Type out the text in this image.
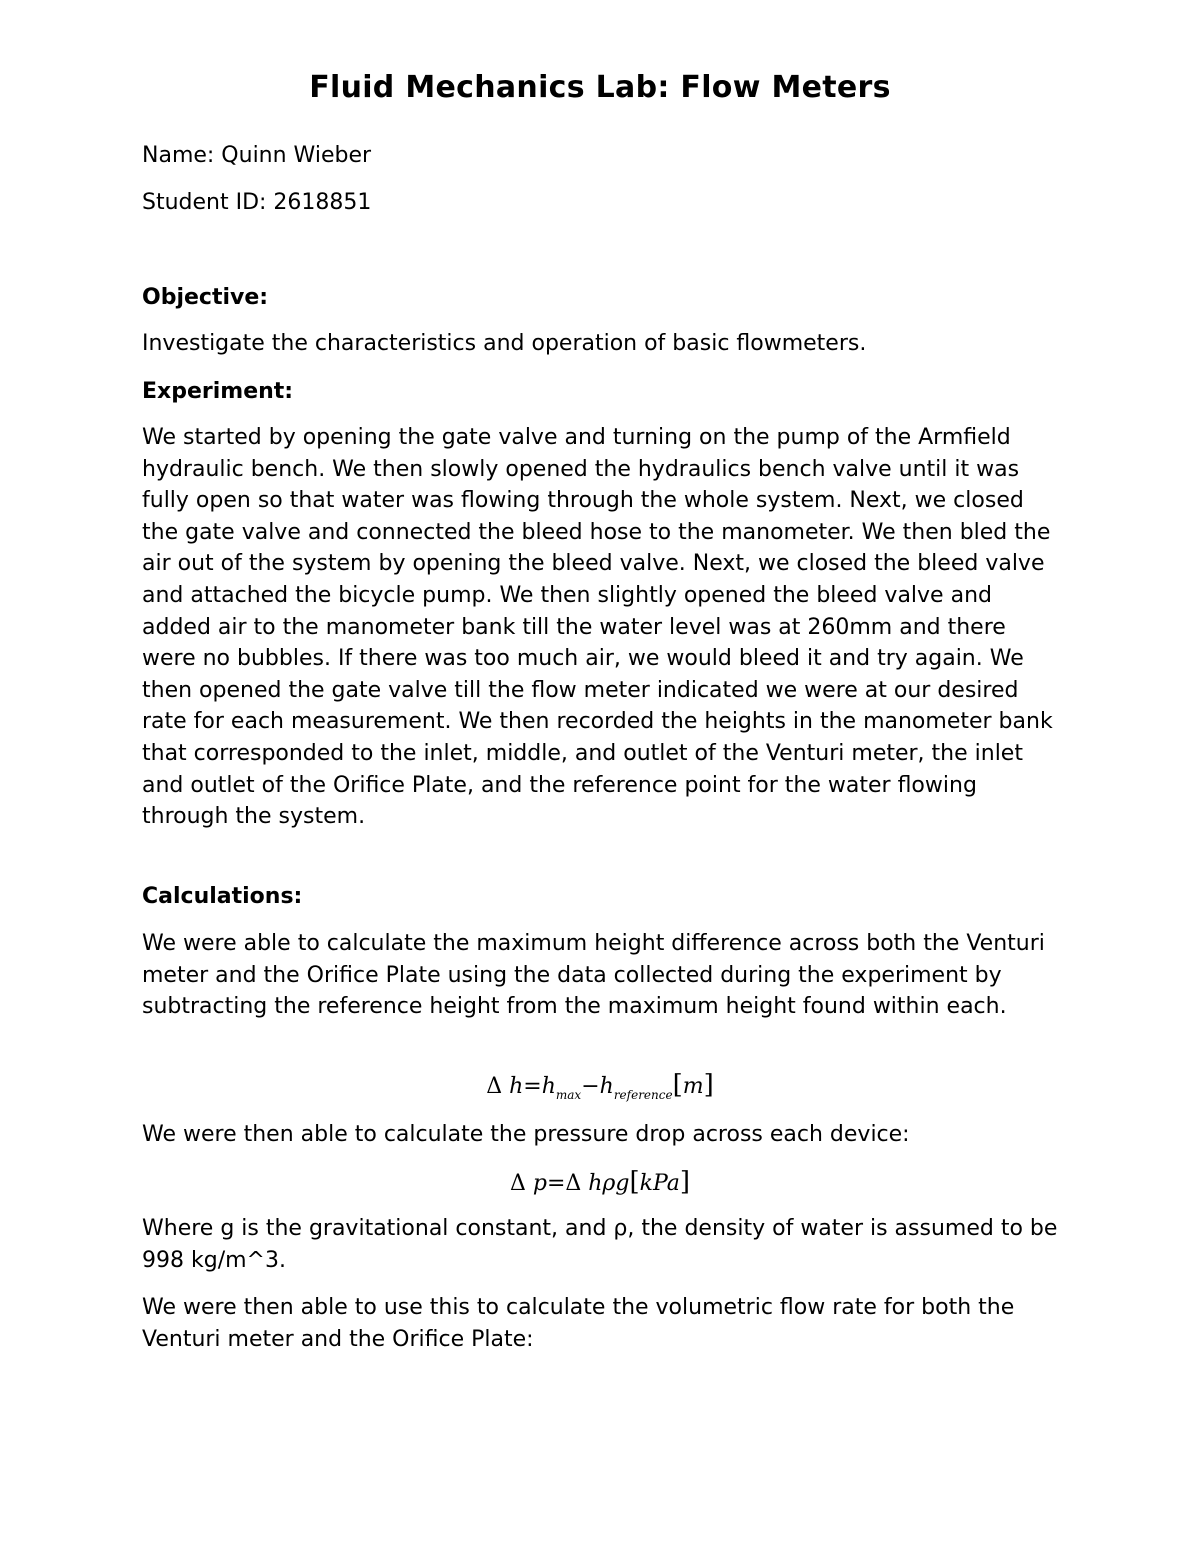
Fluid Mechanics Lab: Flow Meters

Name: Quinn Wieber

Student ID: 2618851

Objective:

Investigate the characteristics and operation of basic flowmeters.

Experiment:

We started by opening the gate valve and turning on the pump of the Armfield hydraulic bench. We then slowly opened the hydraulics bench valve until it was fully open so that water was flowing through the whole system. Next, we closed the gate valve and connected the bleed hose to the manometer. We then bled the air out of the system by opening the bleed valve. Next, we closed the bleed valve and attached the bicycle pump. We then slightly opened the bleed valve and added air to the manometer bank till the water level was at 260mm and there were no bubbles. If there was too much air, we would bleed it and try again. We then opened the gate valve till the flow meter indicated we were at our desired rate for each measurement. We then recorded the heights in the manometer bank that corresponded to the inlet, middle, and outlet of the Venturi meter, the inlet and outlet of the Orifice Plate, and the reference point for the water flowing through the system.

Calculations:

We were able to calculate the maximum height difference across both the Venturi meter and the Orifice Plate using the data collected during the experiment by subtracting the reference height from the maximum height found within each.

Δ $h=h_{max}-h_{reference}[m]$

We were then able to calculate the pressure drop across each device:

Δ p=Δ hρg[kPa]

Where g is the gravitational constant, and ρ, the density of water is assumed to be 998 kg/m^3.

We were then able to use this to calculate the volumetric flow rate for both the Venturi meter and the Orifice Plate:
